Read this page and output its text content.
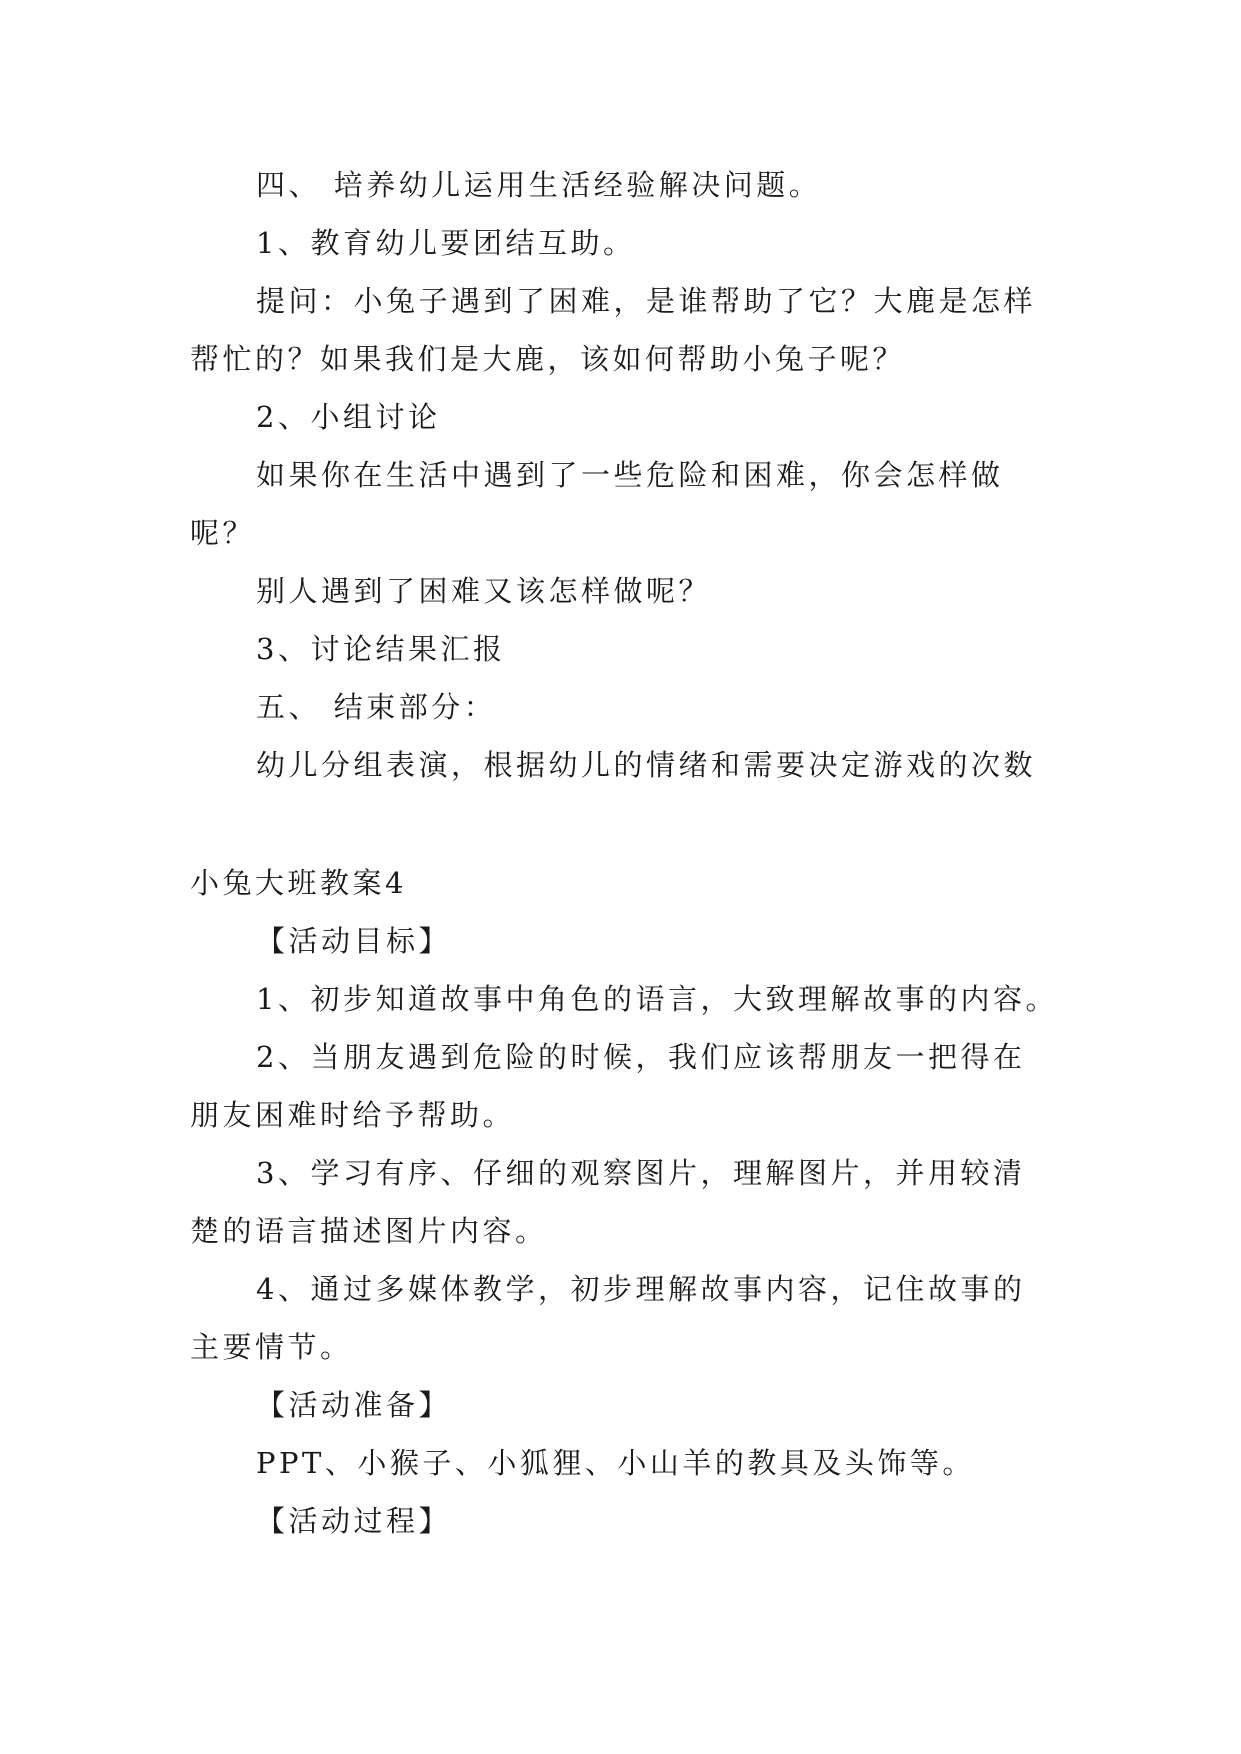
四、 培养幼儿运用生活经验解决问题。

1、教育幼儿要团结互助。

提问：小兔子遇到了困难，是谁帮助了它？大鹿是怎样

帮忙的？如果我们是大鹿，该如何帮助小兔子呢？

2、小组讨论

如果你在生活中遇到了一些危险和困难，你会怎样做

呢？

别人遇到了困难又该怎样做呢？

3、讨论结果汇报

五、 结束部分：

幼儿分组表演，根据幼儿的情绪和需要决定游戏的次数

小兔大班教案4

【活动目标】

1、初步知道故事中角色的语言，大致理解故事的内容。

2、当朋友遇到危险的时候，我们应该帮朋友一把得在

朋友困难时给予帮助。

3、学习有序、仔细的观察图片，理解图片，并用较清

楚的语言描述图片内容。

4、通过多媒体教学，初步理解故事内容，记住故事的

主要情节。

【活动准备】

PPT、小猴子、小狐狸、小山羊的教具及头饰等。

【活动过程】
